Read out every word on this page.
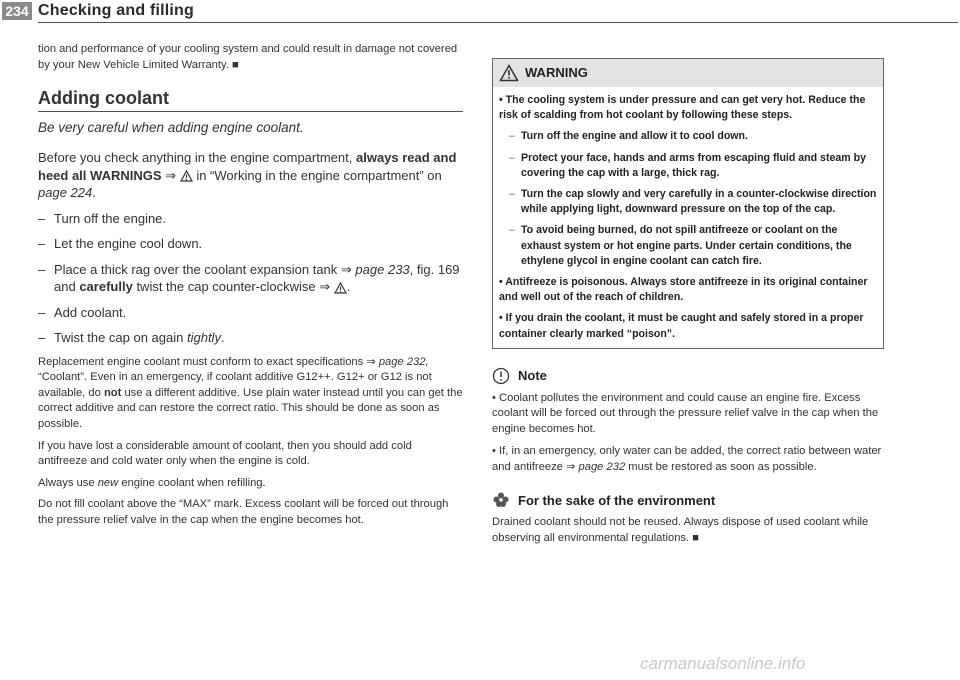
234 Checking and filling

tion and performance of your cooling system and could result in damage not covered by your New Vehicle Limited Warranty. ■

Adding coolant
Be very careful when adding engine coolant.

Before you check anything in the engine compartment, always read and heed all WARNINGS ⇒ in “Working in the engine compartment” on page 224.

– Turn off the engine.
– Let the engine cool down.
– Place a thick rag over the coolant expansion tank ⇒ page 233, fig. 169 and carefully twist the cap counter-clockwise ⇒ .
– Add coolant.
– Twist the cap on again tightly.

Replacement engine coolant must conform to exact specifications ⇒ page 232, “Coolant”. Even in an emergency, if coolant additive G12++. G12+ or G12 is not available, do not use a different additive. Use plain water instead until you can get the correct additive and can restore the correct ratio. This should be done as soon as possible.

If you have lost a considerable amount of coolant, then you should add cold antifreeze and cold water only when the engine is cold.

Always use new engine coolant when refilling.

Do not fill coolant above the “MAX” mark. Excess coolant will be forced out through the pressure relief valve in the cap when the engine becomes hot.

WARNING
• The cooling system is under pressure and can get very hot. Reduce the risk of scalding from hot coolant by following these steps.
– Turn off the engine and allow it to cool down.
– Protect your face, hands and arms from escaping fluid and steam by covering the cap with a large, thick rag.
– Turn the cap slowly and very carefully in a counter-clockwise direction while applying light, downward pressure on the top of the cap.
– To avoid being burned, do not spill antifreeze or coolant on the exhaust system or hot engine parts. Under certain conditions, the ethylene glycol in engine coolant can catch fire.
• Antifreeze is poisonous. Always store antifreeze in its original container and well out of the reach of children.
• If you drain the coolant, it must be caught and safely stored in a proper container clearly marked “poison”.
Note

• Coolant pollutes the environment and could cause an engine fire. Excess coolant will be forced out through the pressure relief valve in the cap when the engine becomes hot.

• If, in an emergency, only water can be added, the correct ratio between water and antifreeze ⇒ page 232 must be restored as soon as possible.

For the sake of the environment

Drained coolant should not be reused. Always dispose of used coolant while observing all environmental regulations. ■

carmanualsonline.info
